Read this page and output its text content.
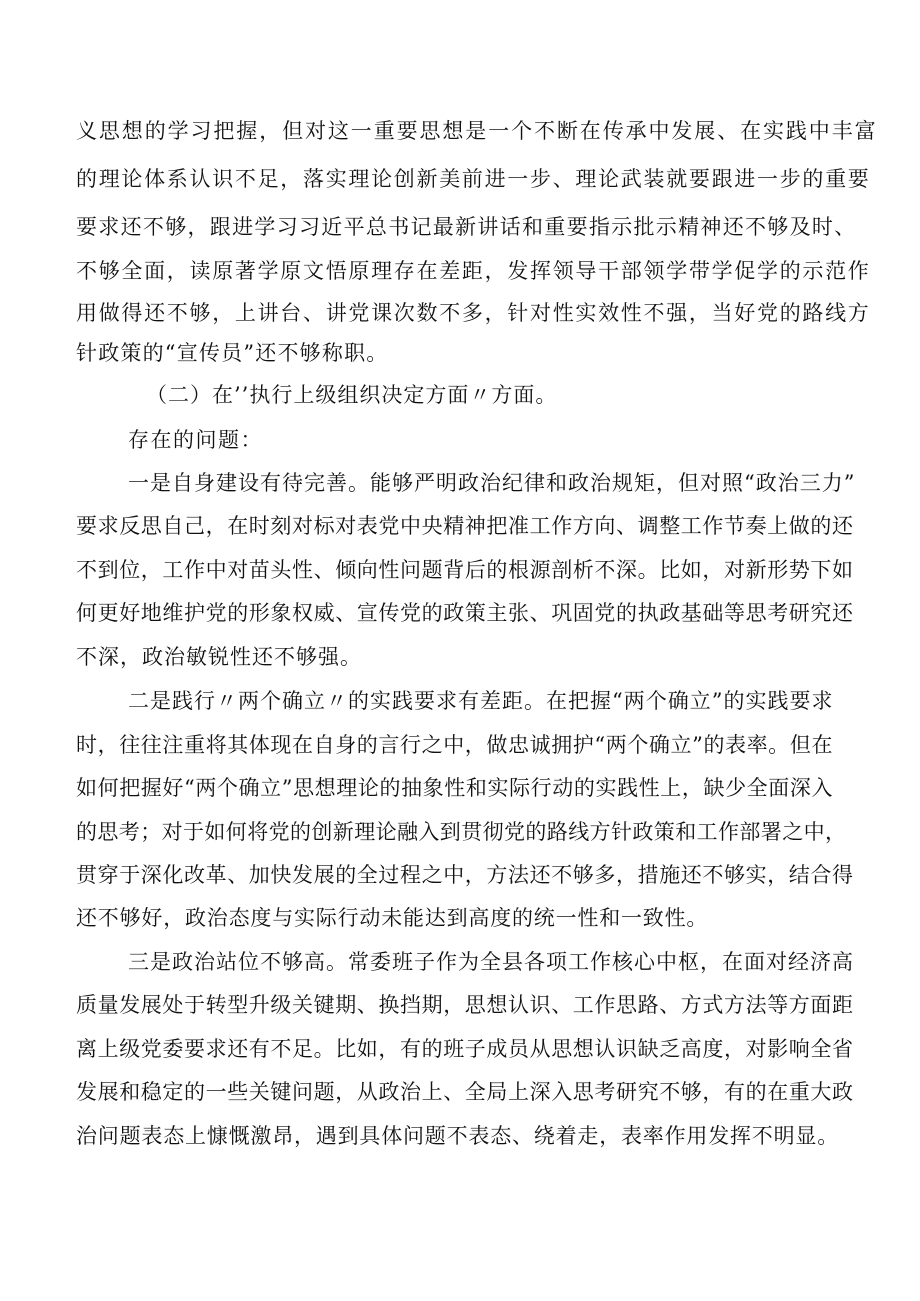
义思想的学习把握，但对这一重要思想是一个不断在传承中发展、在实践中丰富
的理论体系认识不足，落实理论创新美前进一步、理论武装就要跟进一步的重要
要求还不够，跟进学习习近平总书记最新讲话和重要指示批示精神还不够及时、
不够全面，读原著学原文悟原理存在差距，发挥领导干部领学带学促学的示范作
用做得还不够，上讲台、讲党课次数不多，针对性实效性不强，当好党的路线方
针政策的“宣传员”还不够称职。
（二）在’’执行上级组织决定方面〃方面。
存在的问题：
一是自身建设有待完善。能够严明政治纪律和政治规矩，但对照“政治三力”
要求反思自己，在时刻对标对表党中央精神把准工作方向、调整工作节奏上做的还
不到位，工作中对苗头性、倾向性问题背后的根源剖析不深。比如，对新形势下如
何更好地维护党的形象权威、宣传党的政策主张、巩固党的执政基础等思考研究还
不深，政治敏锐性还不够强。
二是践行〃两个确立〃的实践要求有差距。在把握“两个确立”的实践要求
时，往往注重将其体现在自身的言行之中，做忠诚拥护“两个确立”的表率。但在
如何把握好“两个确立”思想理论的抽象性和实际行动的实践性上，缺少全面深入
的思考；对于如何将党的创新理论融入到贯彻党的路线方针政策和工作部署之中，
贯穿于深化改革、加快发展的全过程之中，方法还不够多，措施还不够实，结合得
还不够好，政治态度与实际行动未能达到高度的统一性和一致性。
三是政治站位不够高。常委班子作为全县各项工作核心中枢，在面对经济高
质量发展处于转型升级关键期、换挡期，思想认识、工作思路、方式方法等方面距
离上级党委要求还有不足。比如，有的班子成员从思想认识缺乏高度，对影响全省
发展和稳定的一些关键问题，从政治上、全局上深入思考研究不够，有的在重大政
治问题表态上慷慨激昂，遇到具体问题不表态、绕着走，表率作用发挥不明显。
